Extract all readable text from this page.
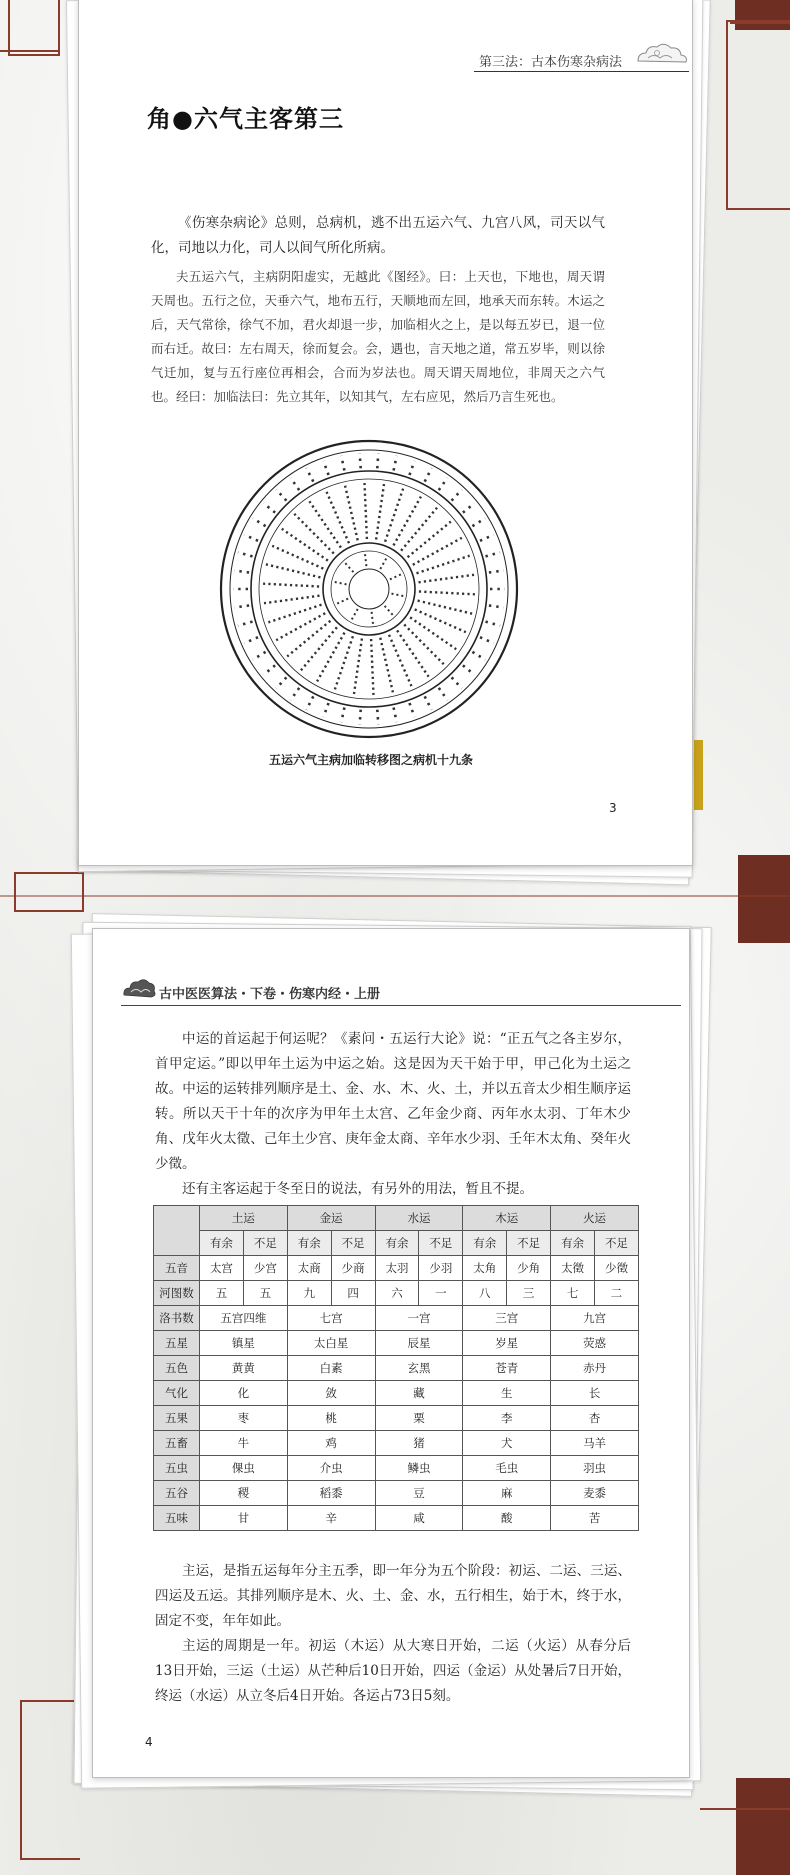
第三法：古本伤寒杂病法
角●六气主客第三

《伤寒杂病论》总则，总病机，逃不出五运六气、九宫八风，司天以气化，司地以力化，司人以间气所化所病。

夫五运六气，主病阴阳虚实，无越此《图经》。曰：上天也，下地也，周天谓天周也。五行之位，天垂六气，地布五行，天顺地而左回，地承天而东转。木运之后，天气常徐，徐气不加，君火却退一步，加临相火之上，是以每五岁已，退一位而右迁。故曰：左右周天，徐而复会。会，遇也，言天地之道，常五岁毕，则以徐气迁加，复与五行座位再相会，合而为岁法也。周天谓天周地位，非周天之六气也。经曰：加临法曰：先立其年，以知其气，左右应见，然后乃言生死也。

五运六气主病加临转移图之病机十九条
3
古中医医算法・下卷・伤寒内经・上册

中运的首运起于何运呢？《素问・五运行大论》说：“正五气之各主岁尔，首甲定运。”即以甲年土运为中运之始。这是因为天干始于甲，甲己化为土运之故。中运的运转排列顺序是土、金、水、木、火、土，并以五音太少相生顺序运转。所以天干十年的次序为甲年土太宫、乙年金少商、丙年水太羽、丁年木少角、戊年火太徵、己年土少宫、庚年金太商、辛年水少羽、壬年木太角、癸年火少徵。

还有主客运起于冬至日的说法，有另外的用法，暂且不提。

	土运		金运		水运		木运		火运	
	有余	不足	有余	不足	有余	不足	有余	不足	有余	不足
五音	太宫	少宫	太商	少商	太羽	少羽	太角	少角	太徵	少徵
河图数	五	五	九	四	六	一	八	三	七	二
洛书数	五宫四维		七宫		一宫		三宫		九宫	
五星	镇星		太白星		辰星		岁星		荧惑	
五色	黄黄		白素		玄黑		苍青		赤丹	
气化	化		敛		藏		生		长	
五果	枣		桃		栗		李		杏	
五畜	牛		鸡		猪		犬		马羊	
五虫	倮虫		介虫		鳞虫		毛虫		羽虫	
五谷	稷		稻黍		豆		麻		麦黍	
五味	甘		辛		咸		酸		苦	

主运，是指五运每年分主五季，即一年分为五个阶段：初运、二运、三运、四运及五运。其排列顺序是木、火、土、金、水，五行相生，始于木，终于水，固定不变，年年如此。

主运的周期是一年。初运（木运）从大寒日开始，二运（火运）从春分后13日开始，三运（土运）从芒种后10日开始，四运（金运）从处暑后7日开始，终运（水运）从立冬后4日开始。各运占73日5刻。

4
